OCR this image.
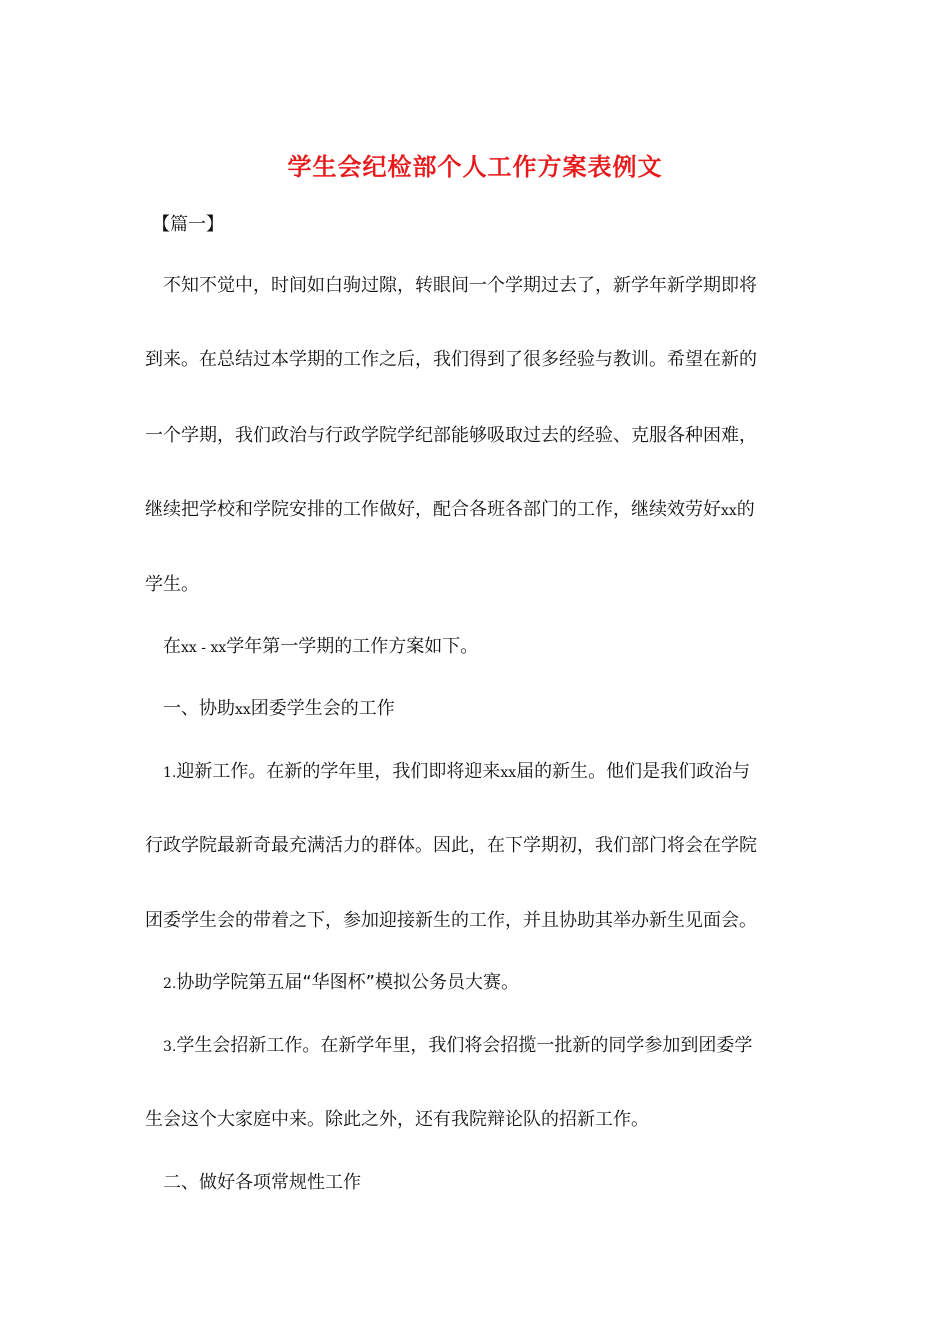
学生会纪检部个人工作方案表例文

【篇一】

不知不觉中，时间如白驹过隙，转眼间一个学期过去了，新学年新学期即将

到来。在总结过本学期的工作之后，我们得到了很多经验与教训。希望在新的

一个学期，我们政治与行政学院学纪部能够吸取过去的经验、克服各种困难，

继续把学校和学院安排的工作做好，配合各班各部门的工作，继续效劳好xx的

学生。

在xx - xx学年第一学期的工作方案如下。

一、协助xx团委学生会的工作

1.迎新工作。在新的学年里，我们即将迎来xx届的新生。他们是我们政治与

行政学院最新奇最充满活力的群体。因此，在下学期初，我们部门将会在学院

团委学生会的带着之下，参加迎接新生的工作，并且协助其举办新生见面会。

2.协助学院第五届“华图杯”模拟公务员大赛。

3.学生会招新工作。在新学年里，我们将会招揽一批新的同学参加到团委学

生会这个大家庭中来。除此之外，还有我院辩论队的招新工作。

二、做好各项常规性工作
